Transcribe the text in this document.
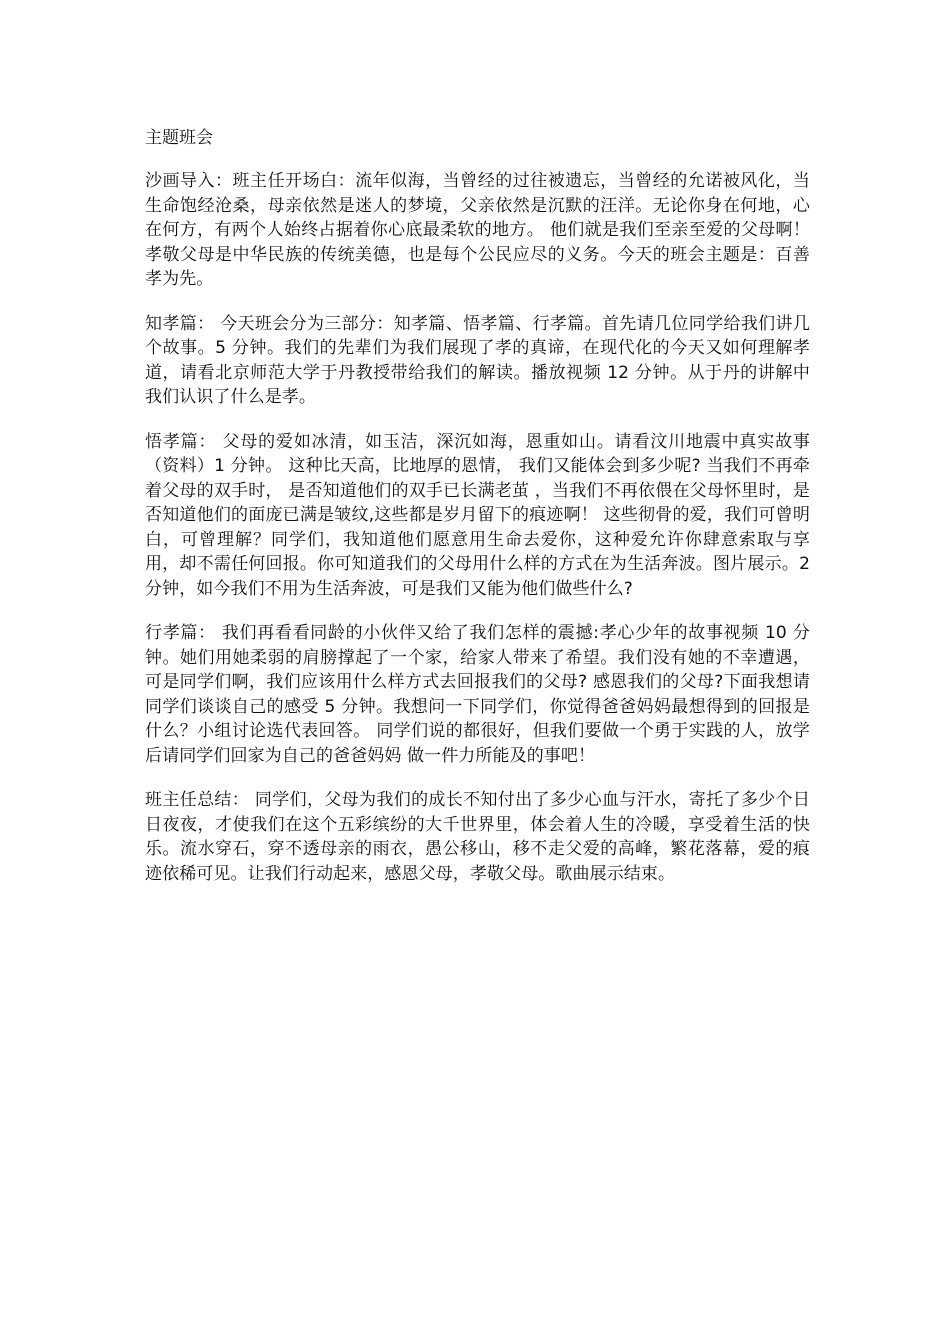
主题班会

沙画导入：班主任开场白：流年似海，当曾经的过往被遗忘，当曾经的允诺被风化，当生命饱经沧桑，母亲依然是迷人的梦境，父亲依然是沉默的汪洋。无论你身在何地，心在何方，有两个人始终占据着你心底最柔软的地方。 他们就是我们至亲至爱的父母啊！孝敬父母是中华民族的传统美德，也是每个公民应尽的义务。今天的班会主题是：百善孝为先。

知孝篇： 今天班会分为三部分：知孝篇、悟孝篇、行孝篇。首先请几位同学给我们讲几个故事。5 分钟。我们的先辈们为我们展现了孝的真谛，在现代化的今天又如何理解孝道，请看北京师范大学于丹教授带给我们的解读。播放视频 12 分钟。从于丹的讲解中我们认识了什么是孝。

悟孝篇： 父母的爱如冰清，如玉洁，深沉如海，恩重如山。请看汶川地震中真实故事（资料）1 分钟。 这种比天高，比地厚的恩情， 我们又能体会到多少呢? 当我们不再牵着父母的双手时， 是否知道他们的双手已长满老茧 ，当我们不再依偎在父母怀里时，是否知道他们的面庞已满是皱纹,这些都是岁月留下的痕迹啊！ 这些彻骨的爱，我们可曾明白，可曾理解？同学们，我知道他们愿意用生命去爱你，这种爱允许你肆意索取与享用，却不需任何回报。你可知道我们的父母用什么样的方式在为生活奔波。图片展示。2 分钟，如今我们不用为生活奔波，可是我们又能为他们做些什么?

行孝篇： 我们再看看同龄的小伙伴又给了我们怎样的震撼:孝心少年的故事视频 10 分钟。她们用她柔弱的肩膀撑起了一个家，给家人带来了希望。我们没有她的不幸遭遇， 可是同学们啊，我们应该用什么样方式去回报我们的父母? 感恩我们的父母?下面我想请同学们谈谈自己的感受 5 分钟。我想问一下同学们，你觉得爸爸妈妈最想得到的回报是什么？小组讨论选代表回答。 同学们说的都很好，但我们要做一个勇于实践的人，放学后请同学们回家为自己的爸爸妈妈 做一件力所能及的事吧！

班主任总结： 同学们，父母为我们的成长不知付出了多少心血与汗水，寄托了多少个日日夜夜，才使我们在这个五彩缤纷的大千世界里，体会着人生的冷暖，享受着生活的快乐。流水穿石，穿不透母亲的雨衣，愚公移山，移不走父爱的高峰，繁花落幕，爱的痕迹依稀可见。让我们行动起来，感恩父母，孝敬父母。歌曲展示结束。
